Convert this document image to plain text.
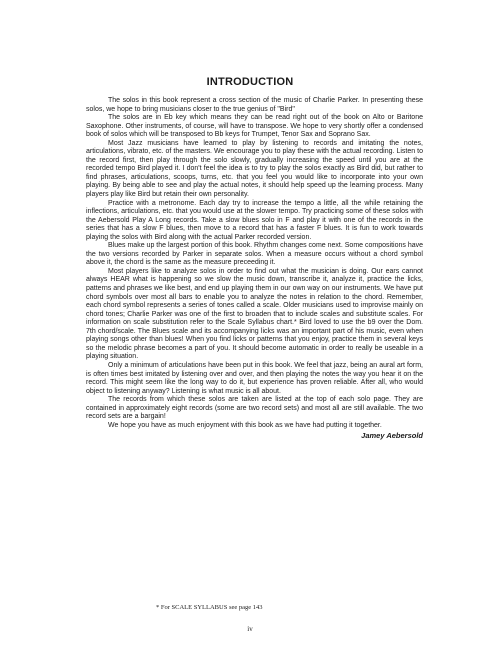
INTRODUCTION

The solos in this book represent a cross section of the music of Charlie Parker. In presenting these solos, we hope to bring musicians closer to the true genius of "Bird"

The solos are in Eb key which means they can be read right out of the book on Alto or Baritone Saxophone. Other instruments, of course, will have to transpose. We hope to very shortly offer a condensed book of solos which will be transposed to Bb keys for Trumpet, Tenor Sax and Soprano Sax.

Most Jazz musicians have learned to play by listening to records and imitating the notes, articulations, vibrato, etc. of the masters. We encourage you to play these with the actual recording. Listen to the record first, then play through the solo slowly, gradually increasing the speed until you are at the recorded tempo Bird played it. I don't feel the idea is to try to play the solos exactly as Bird did, but rather to find phrases, articulations, scoops, turns, etc. that you feel you would like to incorporate into your own playing. By being able to see and play the actual notes, it should help speed up the learning process. Many players play like Bird but retain their own personality.

Practice with a metronome. Each day try to increase the tempo a little, all the while retaining the inflections, articulations, etc. that you would use at the slower tempo. Try practicing some of these solos with the Aebersold Play A Long records. Take a slow blues solo in F and play it with one of the records in the series that has a slow F blues, then move to a record that has a faster F blues. It is fun to work towards playing the solos with Bird along with the actual Parker recorded version.

Blues make up the largest portion of this book. Rhythm changes come next. Some compositions have the two versions recorded by Parker in separate solos. When a measure occurs without a chord symbol above it, the chord is the same as the measure preceeding it.

Most players like to analyze solos in order to find out what the musician is doing. Our ears cannot always HEAR what is happening so we slow the music down, transcribe it, analyze it, practice the licks, patterns and phrases we like best, and end up playing them in our own way on our instruments. We have put chord symbols over most all bars to enable you to analyze the notes in relation to the chord. Remember, each chord symbol represents a series of tones called a scale. Older musicians used to improvise mainly on chord tones; Charlie Parker was one of the first to broaden that to include scales and substitute scales. For information on scale substitution refer to the Scale Syllabus chart.* Bird loved to use the b9 over the Dom. 7th chord/scale. The Blues scale and its accompanying licks was an important part of his music, even when playing songs other than blues! When you find licks or patterns that you enjoy, practice them in several keys so the melodic phrase becomes a part of you. It should become automatic in order to really be useable in a playing situation.

Only a minimum of articulations have been put in this book. We feel that jazz, being an aural art form, is often times best imitated by listening over and over, and then playing the notes the way you hear it on the record. This might seem like the long way to do it, but experience has proven reliable. After all, who would object to listening anyway? Listening is what music is all about.

The records from which these solos are taken are listed at the top of each solo page. They are contained in approximately eight records (some are two record sets) and most all are still available. The two record sets are a bargain!

We hope you have as much enjoyment with this book as we have had putting it together.

Jamey Aebersold
* For SCALE SYLLABUS see page 143
iv
